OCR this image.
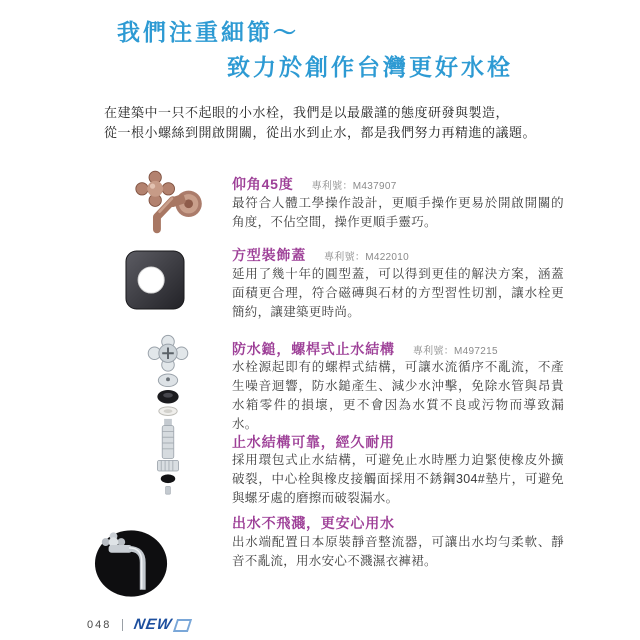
我們注重細節～
致力於創作台灣更好水栓
在建築中一只不起眼的小水栓，我們是以最嚴謹的態度研發與製造，
從一根小螺絲到開啟開關，從出水到止水，都是我們努力再精進的議題。
仰角45度 專利號：M437907

最符合人體工學操作設計，更順手操作更易於開啟開關的角度，不佔空間，操作更順手靈巧。

方型裝飾蓋 專利號：M422010

延用了幾十年的圓型蓋，可以得到更佳的解決方案，涵蓋面積更合理，符合磁磚與石材的方型習性切割，讓水栓更簡約，讓建築更時尚。

防水鎚，螺桿式止水結構 專利號：M497215

水栓源起即有的螺桿式結構，可讓水流循序不亂流，不產生噪音迴響，防水鎚產生、減少水沖擊，免除水管與昂貴水箱零件的損壞，更不會因為水質不良或污物而導致漏水。

止水結構可靠，經久耐用

採用環包式止水結構，可避免止水時壓力迫緊使橡皮外擴破裂，中心栓與橡皮接觸面採用不銹鋼304#墊片，可避免與螺牙處的磨擦而破裂漏水。

出水不飛濺，更安心用水

出水端配置日本原裝靜音整流器，可讓出水均勻柔軟、靜音不亂流，用水安心不濺濕衣褲裙。

048 NEW
